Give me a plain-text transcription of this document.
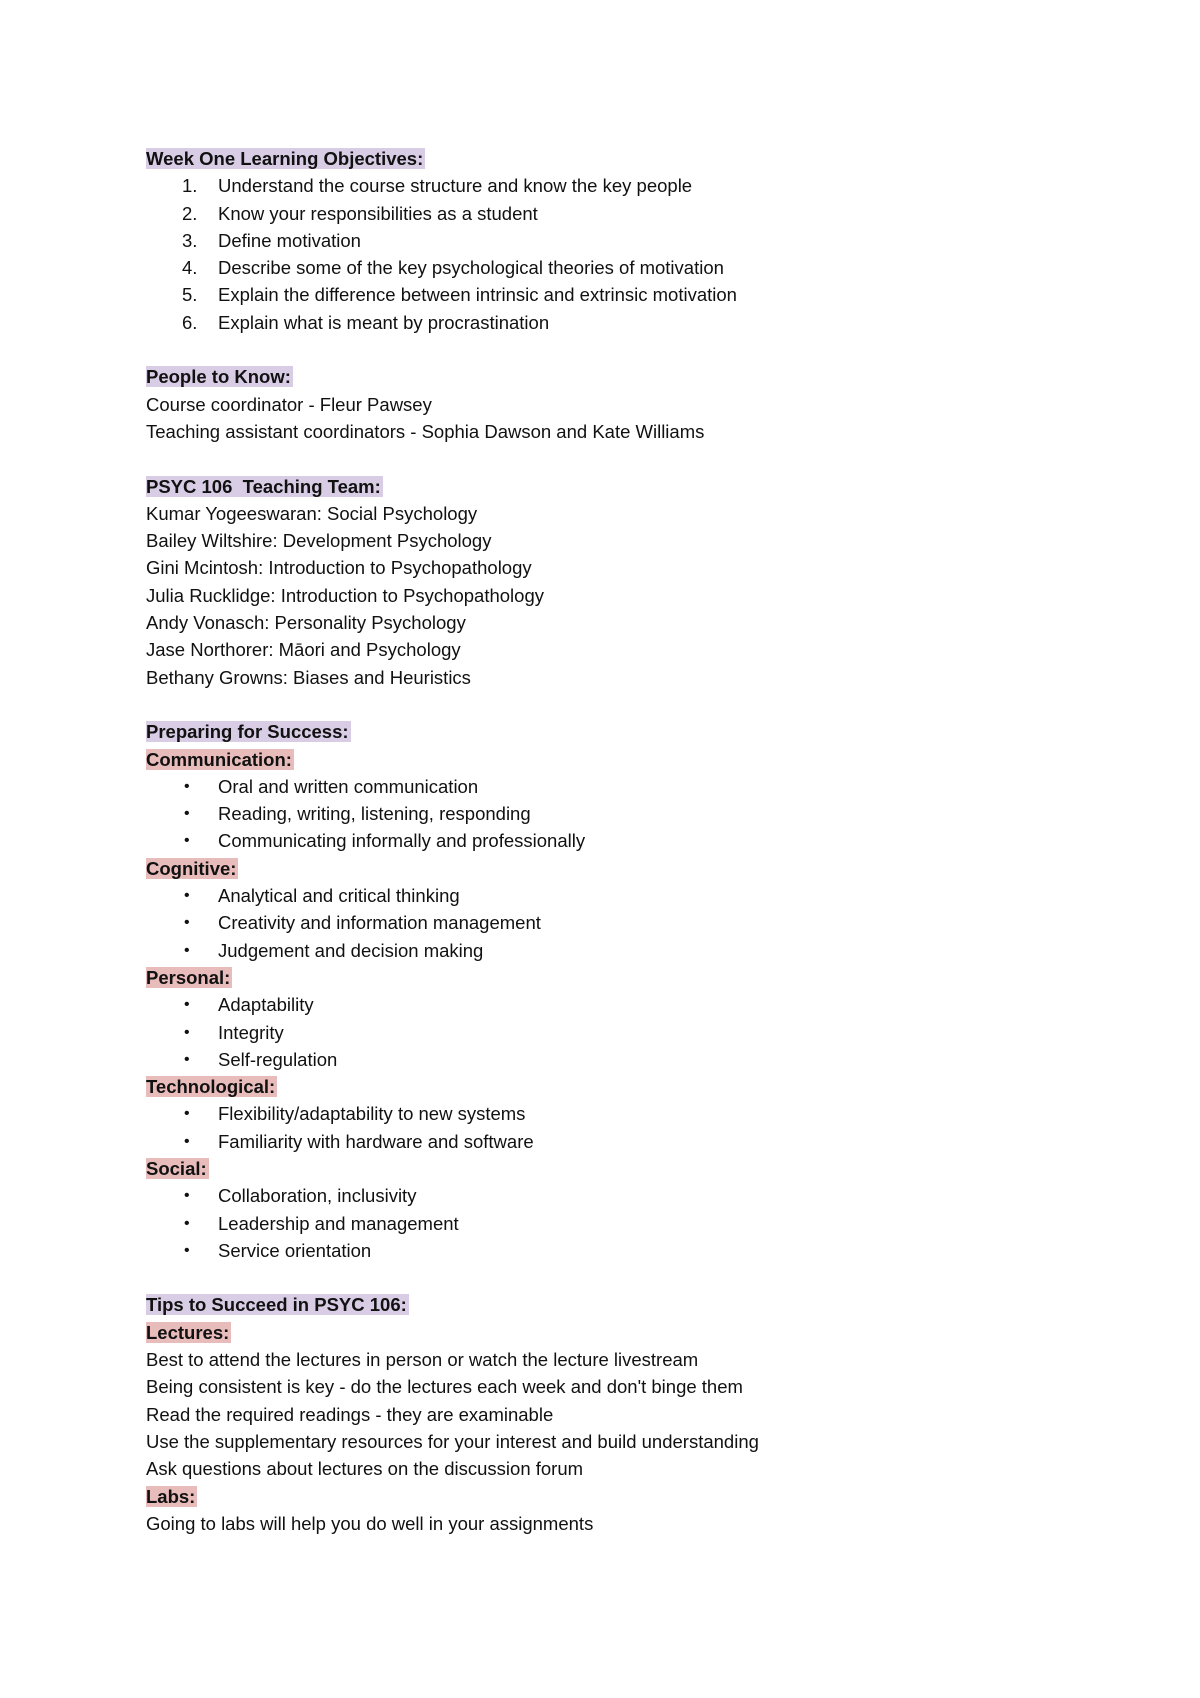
Week One Learning Objectives:
1. Understand the course structure and know the key people
2. Know your responsibilities as a student
3. Define motivation
4. Describe some of the key psychological theories of motivation
5. Explain the difference between intrinsic and extrinsic motivation
6. Explain what is meant by procrastination
People to Know:
Course coordinator - Fleur Pawsey
Teaching assistant coordinators - Sophia Dawson and Kate Williams
PSYC 106  Teaching Team:
Kumar Yogeeswaran: Social Psychology
Bailey Wiltshire: Development Psychology
Gini Mcintosh: Introduction to Psychopathology
Julia Rucklidge: Introduction to Psychopathology
Andy Vonasch: Personality Psychology
Jase Northorer: Māori and Psychology
Bethany Growns: Biases and Heuristics
Preparing for Success:
Communication:
• Oral and written communication
• Reading, writing, listening, responding
• Communicating informally and professionally
Cognitive:
• Analytical and critical thinking
• Creativity and information management
• Judgement and decision making
Personal:
• Adaptability
• Integrity
• Self-regulation
Technological:
• Flexibility/adaptability to new systems
• Familiarity with hardware and software
Social:
• Collaboration, inclusivity
• Leadership and management
• Service orientation
Tips to Succeed in PSYC 106:
Lectures:
Best to attend the lectures in person or watch the lecture livestream
Being consistent is key - do the lectures each week and don't binge them
Read the required readings - they are examinable
Use the supplementary resources for your interest and build understanding
Ask questions about lectures on the discussion forum
Labs:
Going to labs will help you do well in your assignments
